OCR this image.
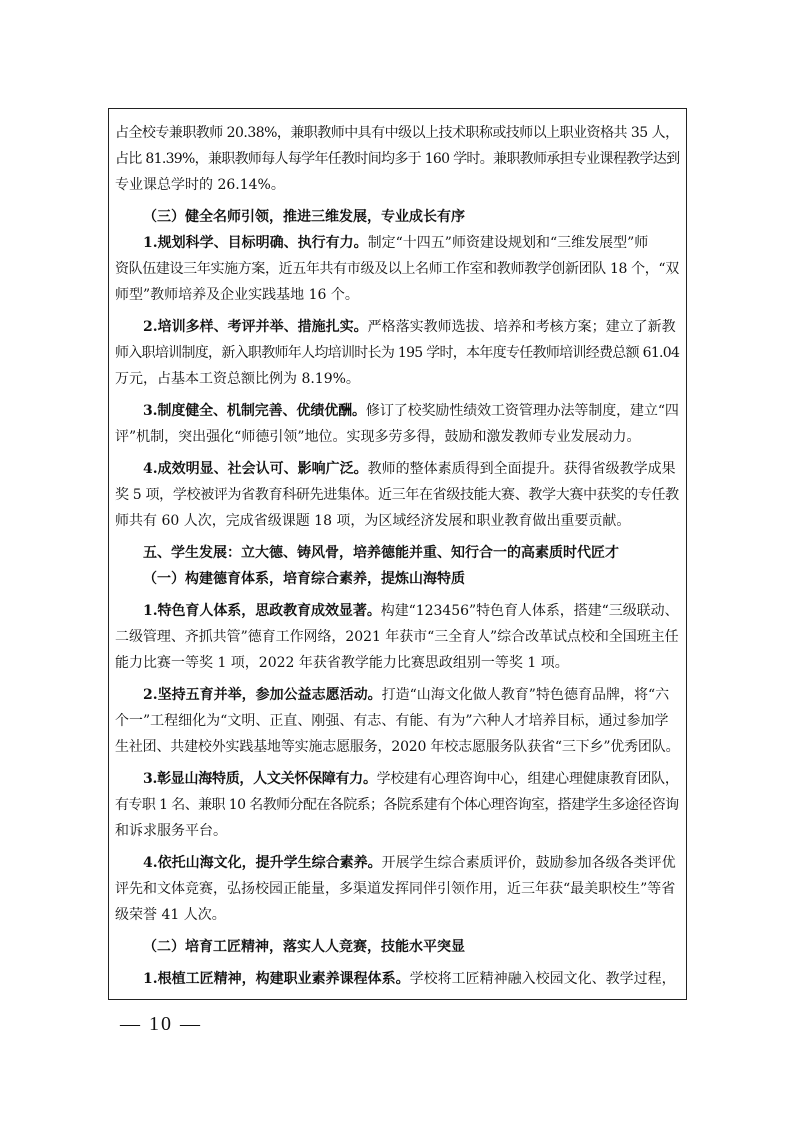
占全校专兼职教师 20.38%，兼职教师中具有中级以上技术职称或技师以上职业资格共 35 人，
占比 81.39%，兼职教师每人每学年任教时间均多于 160 学时。兼职教师承担专业课程教学达到
专业课总学时的 26.14%。
（三）健全名师引领，推进三维发展，专业成长有序
1.规划科学、目标明确、执行有力。制定“十四五”师资建设规划和“三维发展型”师
资队伍建设三年实施方案，近五年共有市级及以上名师工作室和教师教学创新团队 18 个，“双
师型”教师培养及企业实践基地 16 个。
2.培训多样、考评并举、措施扎实。严格落实教师选拔、培养和考核方案；建立了新教
师入职培训制度，新入职教师年人均培训时长为 195 学时，本年度专任教师培训经费总额 61.04
万元，占基本工资总额比例为 8.19%。
3.制度健全、机制完善、优绩优酬。修订了校奖励性绩效工资管理办法等制度，建立“四
评”机制，突出强化“师德引领”地位。实现多劳多得，鼓励和激发教师专业发展动力。
4.成效明显、社会认可、影响广泛。教师的整体素质得到全面提升。获得省级教学成果
奖 5 项，学校被评为省教育科研先进集体。近三年在省级技能大赛、教学大赛中获奖的专任教
师共有 60 人次，完成省级课题 18 项，为区域经济发展和职业教育做出重要贡献。
五、学生发展：立大德、铸风骨，培养德能并重、知行合一的高素质时代匠才
（一）构建德育体系，培育综合素养，提炼山海特质
1.特色育人体系，思政教育成效显著。构建“123456”特色育人体系，搭建“三级联动、
二级管理、齐抓共管”德育工作网络，2021 年获市“三全育人”综合改革试点校和全国班主任
能力比赛一等奖 1 项，2022 年获省教学能力比赛思政组别一等奖 1 项。
2.坚持五育并举，参加公益志愿活动。打造“山海文化做人教育”特色德育品牌，将“六
个一”工程细化为“文明、正直、刚强、有志、有能、有为”六种人才培养目标，通过参加学
生社团、共建校外实践基地等实施志愿服务，2020 年校志愿服务队获省“三下乡”优秀团队。
3.彰显山海特质，人文关怀保障有力。学校建有心理咨询中心，组建心理健康教育团队，
有专职 1 名、兼职 10 名教师分配在各院系；各院系建有个体心理咨询室，搭建学生多途径咨询
和诉求服务平台。
4.依托山海文化，提升学生综合素养。开展学生综合素质评价，鼓励参加各级各类评优
评先和文体竞赛，弘扬校园正能量，多渠道发挥同伴引领作用，近三年获“最美职校生”等省
级荣誉 41 人次。
（二）培育工匠精神，落实人人竞赛，技能水平突显
1.根植工匠精神，构建职业素养课程体系。学校将工匠精神融入校园文化、教学过程，
— 10 —
